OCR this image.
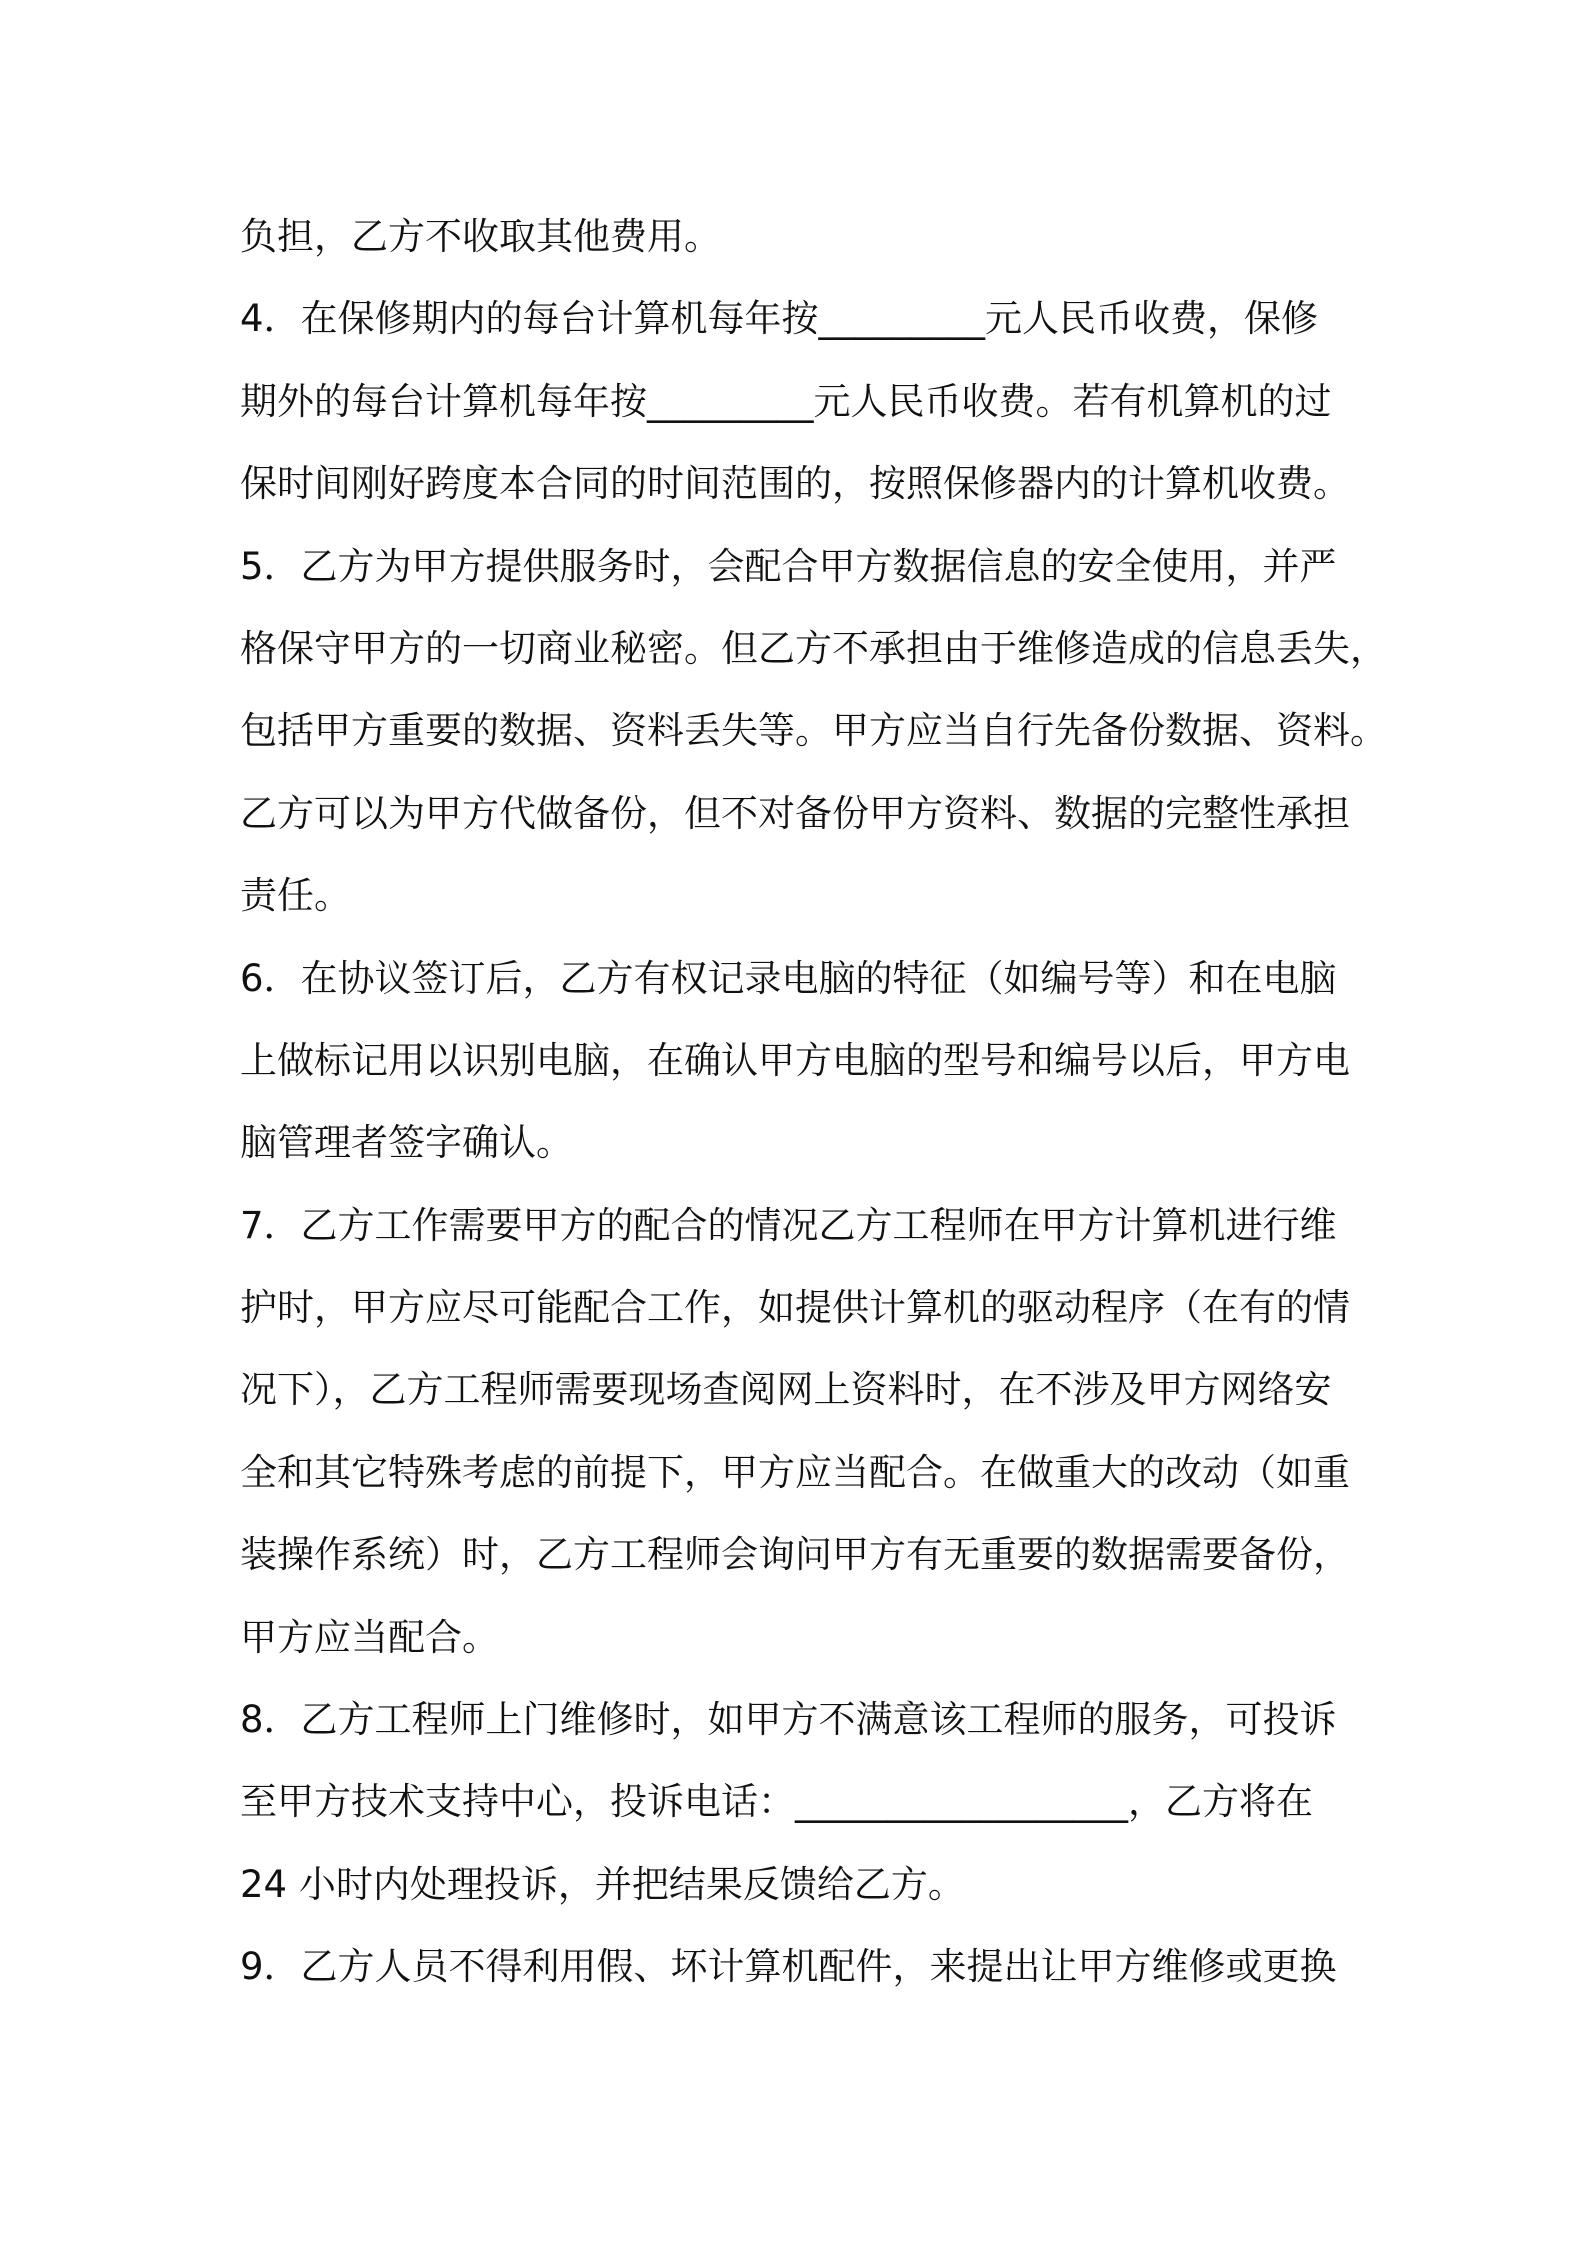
负担，乙方不收取其他费用。
4．在保修期内的每台计算机每年按_________元人民币收费，保修
期外的每台计算机每年按_________元人民币收费。若有机算机的过
保时间刚好跨度本合同的时间范围的，按照保修器内的计算机收费。
5．乙方为甲方提供服务时，会配合甲方数据信息的安全使用，并严
格保守甲方的一切商业秘密。但乙方不承担由于维修造成的信息丢失，
包括甲方重要的数据、资料丢失等。甲方应当自行先备份数据、资料。
乙方可以为甲方代做备份，但不对备份甲方资料、数据的完整性承担
责任。
6．在协议签订后，乙方有权记录电脑的特征（如编号等）和在电脑
上做标记用以识别电脑，在确认甲方电脑的型号和编号以后，甲方电
脑管理者签字确认。
7．乙方工作需要甲方的配合的情况乙方工程师在甲方计算机进行维
护时，甲方应尽可能配合工作，如提供计算机的驱动程序（在有的情
况下），乙方工程师需要现场查阅网上资料时，在不涉及甲方网络安
全和其它特殊考虑的前提下，甲方应当配合。在做重大的改动（如重
装操作系统）时，乙方工程师会询问甲方有无重要的数据需要备份，
甲方应当配合。
8．乙方工程师上门维修时，如甲方不满意该工程师的服务，可投诉
至甲方技术支持中心，投诉电话：__________________，乙方将在
24 小时内处理投诉，并把结果反馈给乙方。
9．乙方人员不得利用假、坏计算机配件，来提出让甲方维修或更换
